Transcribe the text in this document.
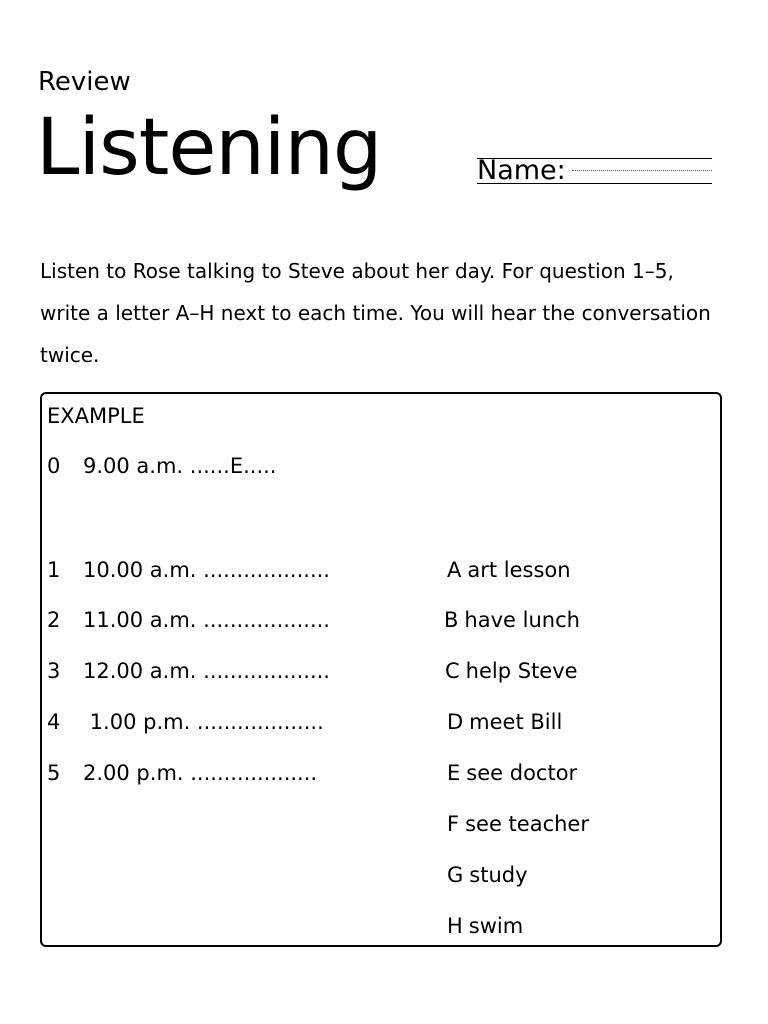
Review
Listening	Name:
Listen to Rose talking to Steve about her day. For question 1–5, write a letter A–H next to each time. You will hear the conversation twice.
EXAMPLE
0 9.00 a.m. ......E.....
1 10.00 a.m. ...................
2 11.00 a.m. ...................
3 12.00 a.m. ...................
4 1.00 p.m. ...................
5 2.00 p.m. ...................
A art lesson
B have lunch
C help Steve
D meet Bill
E see doctor
F see teacher
G study
H swim
